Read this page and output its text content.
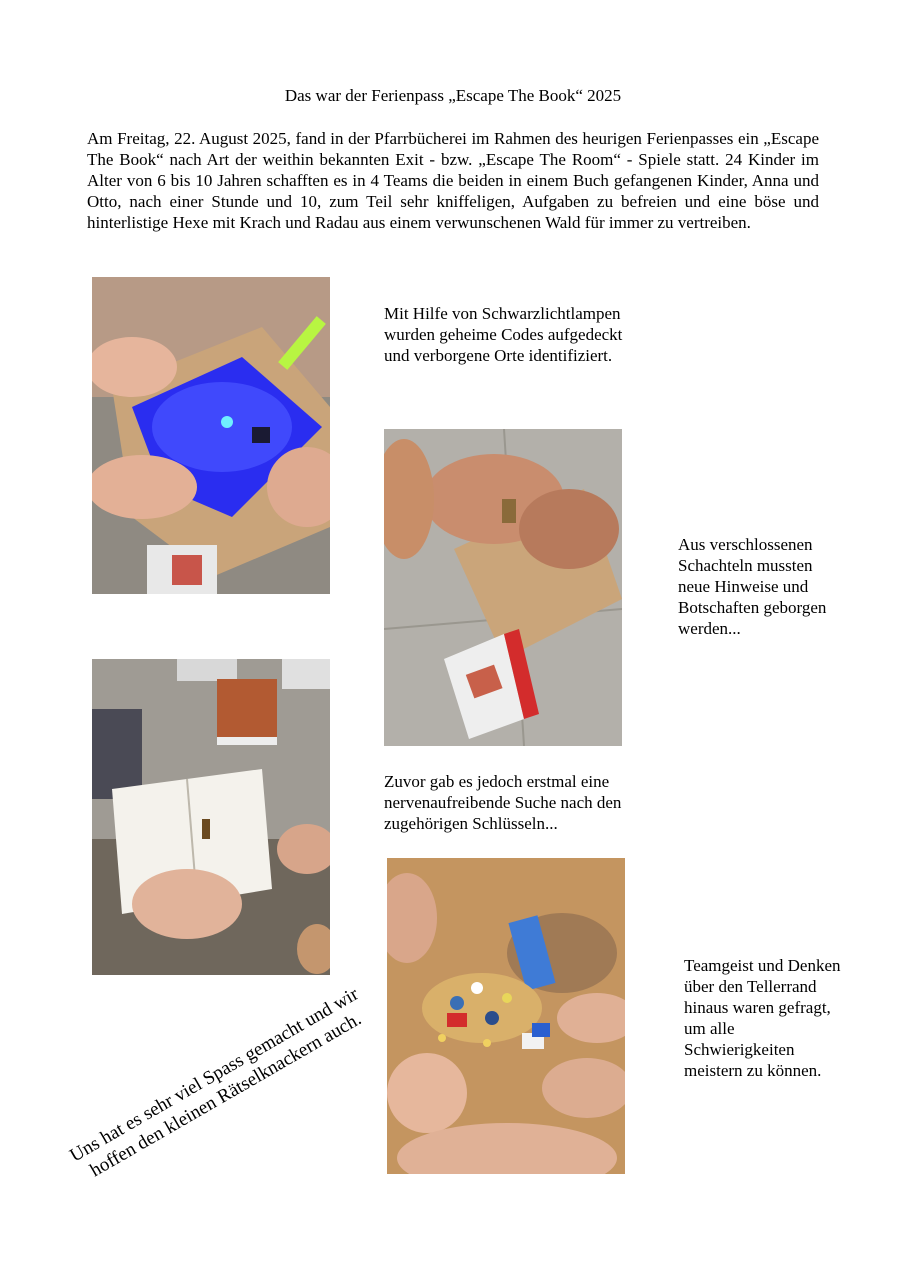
Das war der Ferienpass „Escape The Book“ 2025

Am Freitag, 22. August 2025, fand in der Pfarrbücherei im Rahmen des heurigen Ferienpasses ein „Escape The Book“ nach Art der weithin bekannten Exit - bzw. „Escape The Room“ - Spiele statt. 24 Kinder im Alter von 6 bis 10 Jahren schafften es in 4 Teams die beiden in einem Buch gefangenen Kinder, Anna und Otto, nach einer Stunde und 10, zum Teil sehr kniffeligen, Aufgaben zu befreien und eine böse und hinterlistige Hexe mit Krach und Radau aus einem verwunschenen Wald für immer zu vertreiben.

Mit Hilfe von Schwarzlichtlampen wurden geheime Codes aufgedeckt und verborgene Orte identifiziert.

Aus verschlossenen Schachteln mussten neue Hinweise und Botschaften geborgen werden...

Zuvor gab es jedoch erstmal eine nervenaufreibende Suche nach den zugehörigen Schlüsseln...

Teamgeist und Denken über den Tellerrand hinaus waren gefragt, um alle Schwierigkeiten meistern zu können.

Uns hat es sehr viel Spass gemacht und wir hoffen den kleinen Rätselknackern auch.
